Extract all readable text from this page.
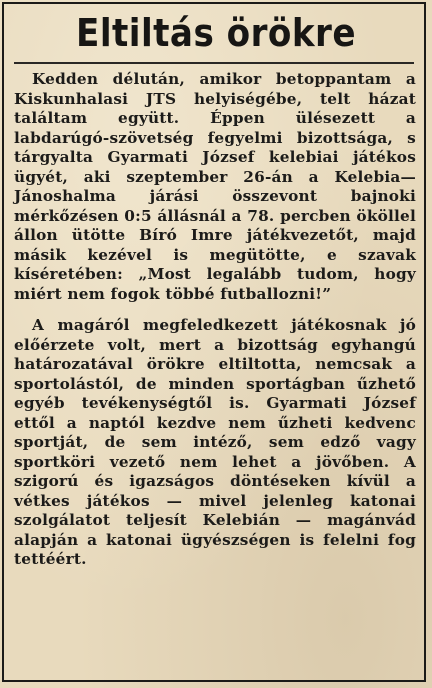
Eltiltás örökre

Kedden délután, amikor betoppantam a Kiskunhalasi JTS helyiségébe, telt házat találtam együtt. Éppen ülésezett a labdarúgó-szövetség fegyelmi bizottsága, s tárgyalta Gyarmati József kelebiai játékos ügyét, aki szeptember 26-án a Kelebia—Jánoshalma járási összevont bajnoki mérkőzésen 0:5 állásnál a 78. percben ököllel állon ütötte Bíró Imre játékvezetőt, majd másik kezével is megütötte, e szavak kíséretében: „Most legalább tudom, hogy miért nem fogok többé futballozni!”

A magáról megfeledkezett játékosnak jó előérzete volt, mert a bizottság egyhangú határozatával örökre eltiltotta, nemcsak a sportolástól, de minden sportágban űzhető egyéb tevékenységtől is. Gyarmati József ettől a naptól kezdve nem űzheti kedvenc sportját, de sem intéző, sem edző vagy sportköri vezető nem lehet a jövőben. A szigorú és igazságos döntéseken kívül a vétkes játékos — mivel jelenleg katonai szolgálatot teljesít Kelebián — magánvád alapján a katonai ügyészségen is felelni fog tettéért.
